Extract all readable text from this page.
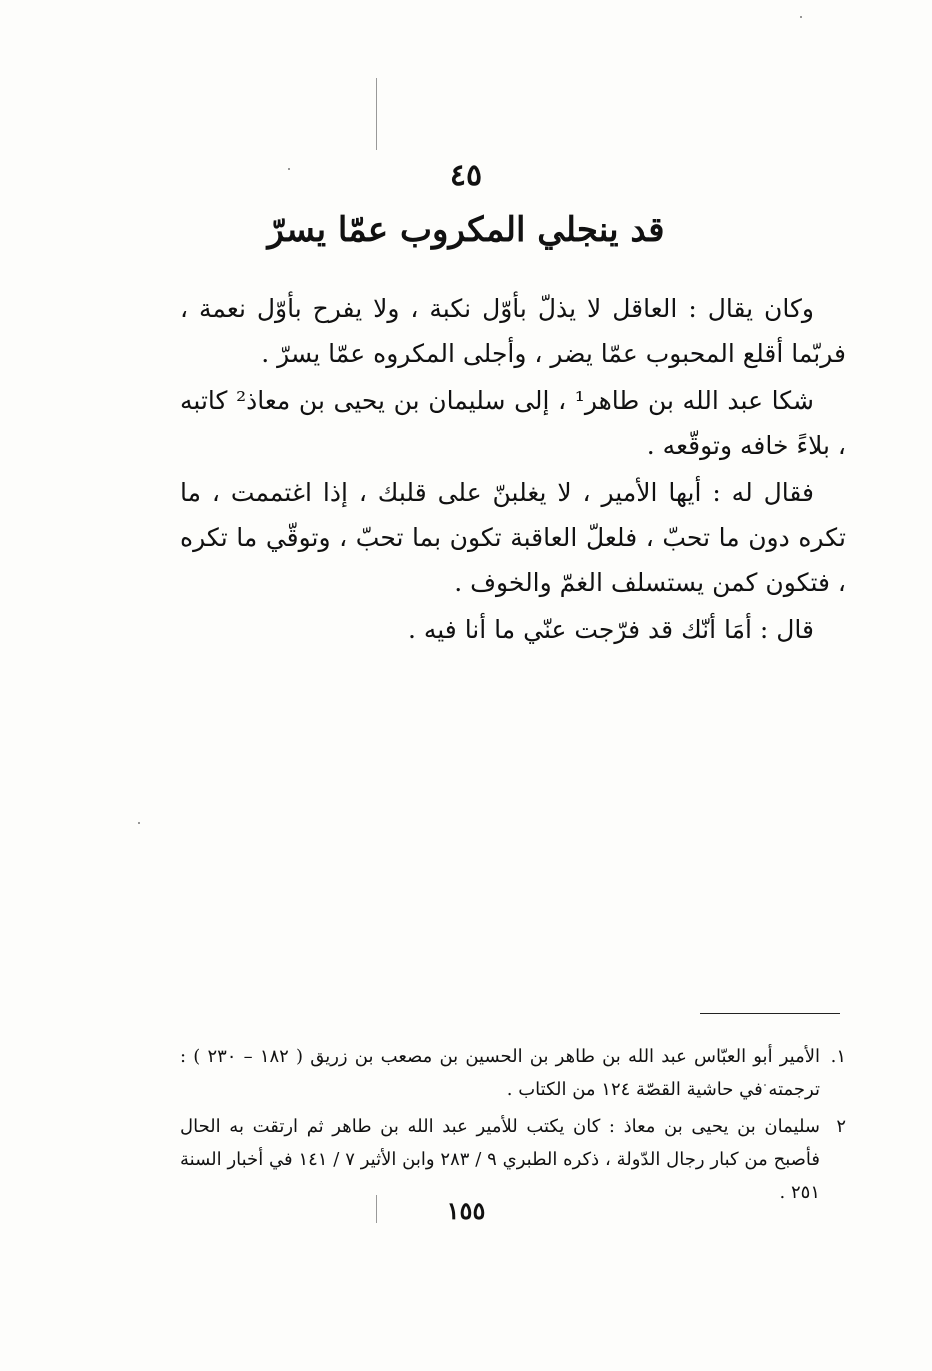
٤٥
قد ينجلي المكروب عمّا يسرّ

وكان يقال : العاقل لا يذلّ بأوّل نكبة ، ولا يفرح بأوّل نعمة ، فربّما أقلع المحبوب عمّا يضر ، وأجلى المكروه عمّا يسرّ .

شكا عبد الله بن طاهر¹ ، إلى سليمان بن يحيى بن معاذ² كاتبه ، بلاءً خافه وتوقّعه .

فقال له : أيها الأمير ، لا يغلبنّ على قلبك ، إذا اغتممت ، ما تكره دون ما تحبّ ، فلعلّ العاقبة تكون بما تحبّ ، وتوقّي ما تكره ، فتكون كمن يستسلف الغمّ والخوف .

قال : أمَا أنّك قد فرّجت عنّي ما أنا فيه .

١.
الأمير أبو العبّاس عبد الله بن طاهر بن الحسين بن مصعب بن زريق ( ١٨٢ – ٢٣٠ ) : ترجمته في حاشية القصّة ١٢٤ من الكتاب .
٢
سليمان بن يحيى بن معاذ : كان يكتب للأمير عبد الله بن طاهر ثم ارتقت به الحال فأصبح من كبار رجال الدّولة ، ذكره الطبري ٩ / ٢٨٣ وابن الأثير ٧ / ١٤١ في أخبار السنة ٢٥١ .
١٥٥
